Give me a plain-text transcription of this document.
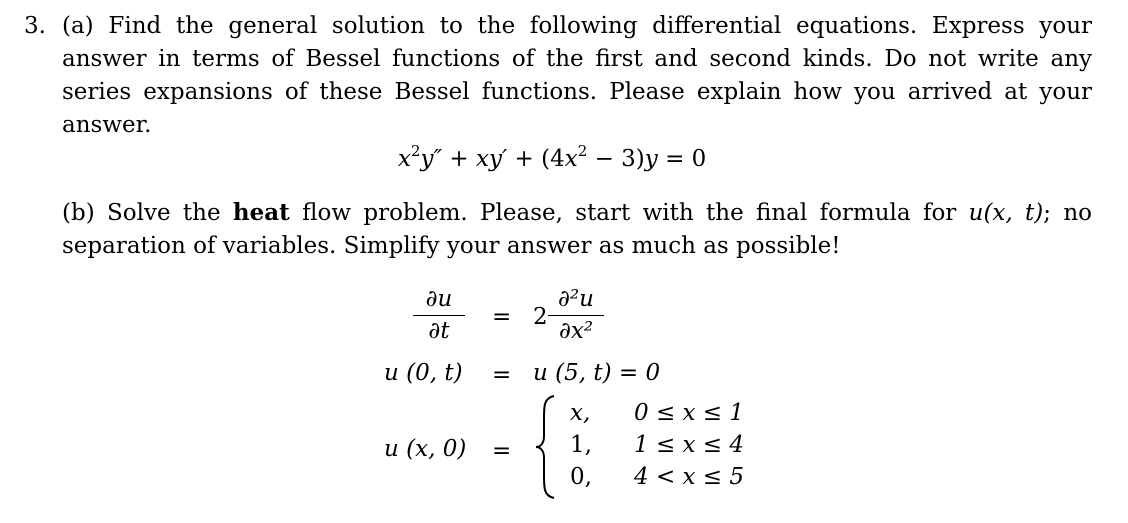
3. (a) Find the general solution to the following differential equations. Express your
answer in terms of Bessel functions of the first and second kinds. Do not write any
series expansions of these Bessel functions. Please explain how you arrived at your
answer.
$x^2y'' + xy' + (4x^2 - 3)y = 0$
(b) Solve the heat flow problem. Please, start with the final formula for u(x, t); no
separation of variables. Simplify your answer as much as possible!
∂u
∂t
= 2
∂²u
∂x²
u (0, t) = u (5, t) = 0
u (x, 0) =
x, 0 ≤ x ≤ 1
1, 1 ≤ x ≤ 4
0, 4 < x ≤ 5
